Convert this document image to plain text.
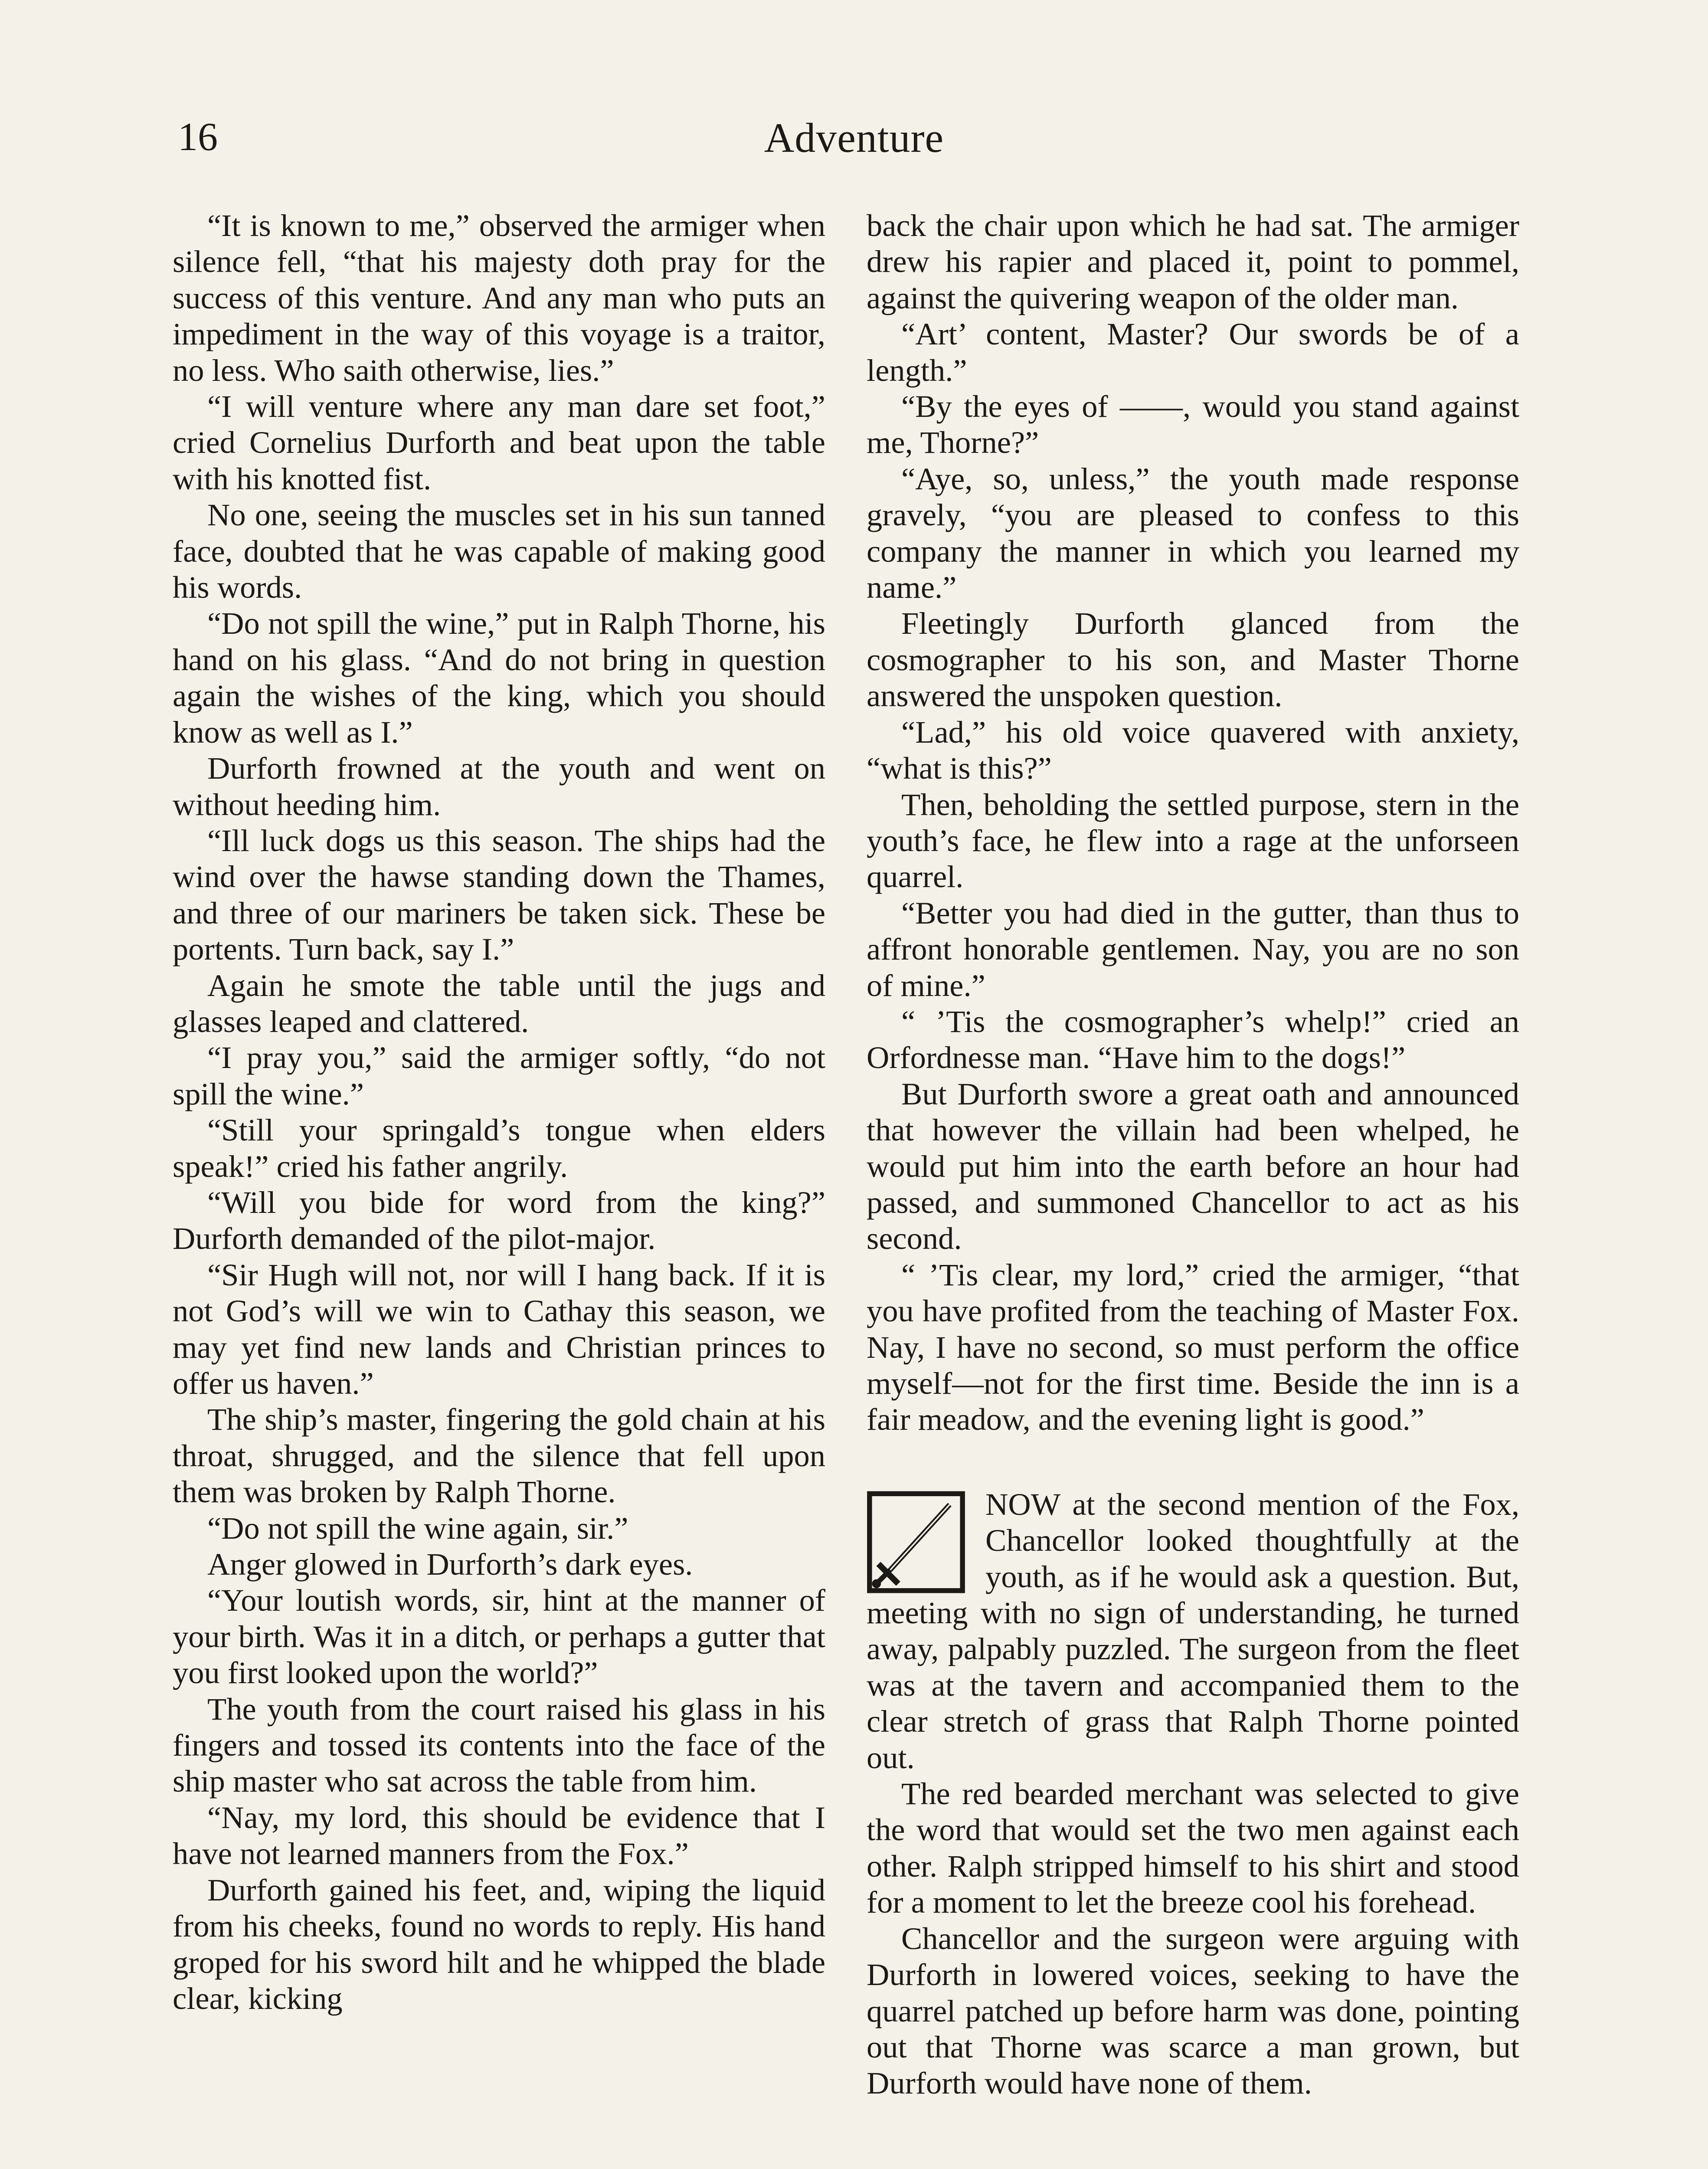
16	Adventure

“It is known to me,” observed the armiger when silence fell, “that his majesty doth pray for the success of this venture. And any man who puts an impediment in the way of this voyage is a traitor, no less. Who saith otherwise, lies.”

“I will venture where any man dare set foot,” cried Cornelius Durforth and beat upon the table with his knotted fist.

No one, seeing the muscles set in his sun tanned face, doubted that he was capable of making good his words.

“Do not spill the wine,” put in Ralph Thorne, his hand on his glass. “And do not bring in question again the wishes of the king, which you should know as well as I.”

Durforth frowned at the youth and went on without heeding him.

“Ill luck dogs us this season. The ships had the wind over the hawse standing down the Thames, and three of our mariners be taken sick. These be portents. Turn back, say I.”

Again he smote the table until the jugs and glasses leaped and clattered.

“I pray you,” said the armiger softly, “do not spill the wine.”

“Still your springald’s tongue when elders speak!” cried his father angrily.

“Will you bide for word from the king?” Durforth demanded of the pilot-major.

“Sir Hugh will not, nor will I hang back. If it is not God’s will we win to Cathay this season, we may yet find new lands and Christian princes to offer us haven.”

The ship’s master, fingering the gold chain at his throat, shrugged, and the silence that fell upon them was broken by Ralph Thorne.

“Do not spill the wine again, sir.”

Anger glowed in Durforth’s dark eyes.

“Your loutish words, sir, hint at the manner of your birth. Was it in a ditch, or perhaps a gutter that you first looked upon the world?”

The youth from the court raised his glass in his fingers and tossed its contents into the face of the ship master who sat across the table from him.

“Nay, my lord, this should be evidence that I have not learned manners from the Fox.”

Durforth gained his feet, and, wiping the liquid from his cheeks, found no words to reply. His hand groped for his sword hilt and he whipped the blade clear, kicking

back the chair upon which he had sat. The armiger drew his rapier and placed it, point to pommel, against the quivering weapon of the older man.

“Art’ content, Master? Our swords be of a length.”

“By the eyes of ——, would you stand against me, Thorne?”

“Aye, so, unless,” the youth made response gravely, “you are pleased to confess to this company the manner in which you learned my name.”

Fleetingly Durforth glanced from the cosmographer to his son, and Master Thorne answered the unspoken question.

“Lad,” his old voice quavered with anxiety, “what is this?”

Then, beholding the settled purpose, stern in the youth’s face, he flew into a rage at the unforseen quarrel.

“Better you had died in the gutter, than thus to affront honorable gentlemen. Nay, you are no son of mine.”

“ ’Tis the cosmographer’s whelp!” cried an Orfordnesse man. “Have him to the dogs!”

But Durforth swore a great oath and announced that however the villain had been whelped, he would put him into the earth before an hour had passed, and summoned Chancellor to act as his second.

“ ’Tis clear, my lord,” cried the armiger, “that you have profited from the teaching of Master Fox. Nay, I have no second, so must perform the office myself—not for the first time. Beside the inn is a fair meadow, and the evening light is good.”

NOW at the second mention of the Fox, Chancellor looked thoughtfully at the youth, as if he would ask a question. But, meeting with no sign of understanding, he turned away, palpably puzzled. The surgeon from the fleet was at the tavern and accompanied them to the clear stretch of grass that Ralph Thorne pointed out.

The red bearded merchant was selected to give the word that would set the two men against each other. Ralph stripped himself to his shirt and stood for a moment to let the breeze cool his forehead.

Chancellor and the surgeon were arguing with Durforth in lowered voices, seeking to have the quarrel patched up before harm was done, pointing out that Thorne was scarce a man grown, but Durforth would have none of them.
